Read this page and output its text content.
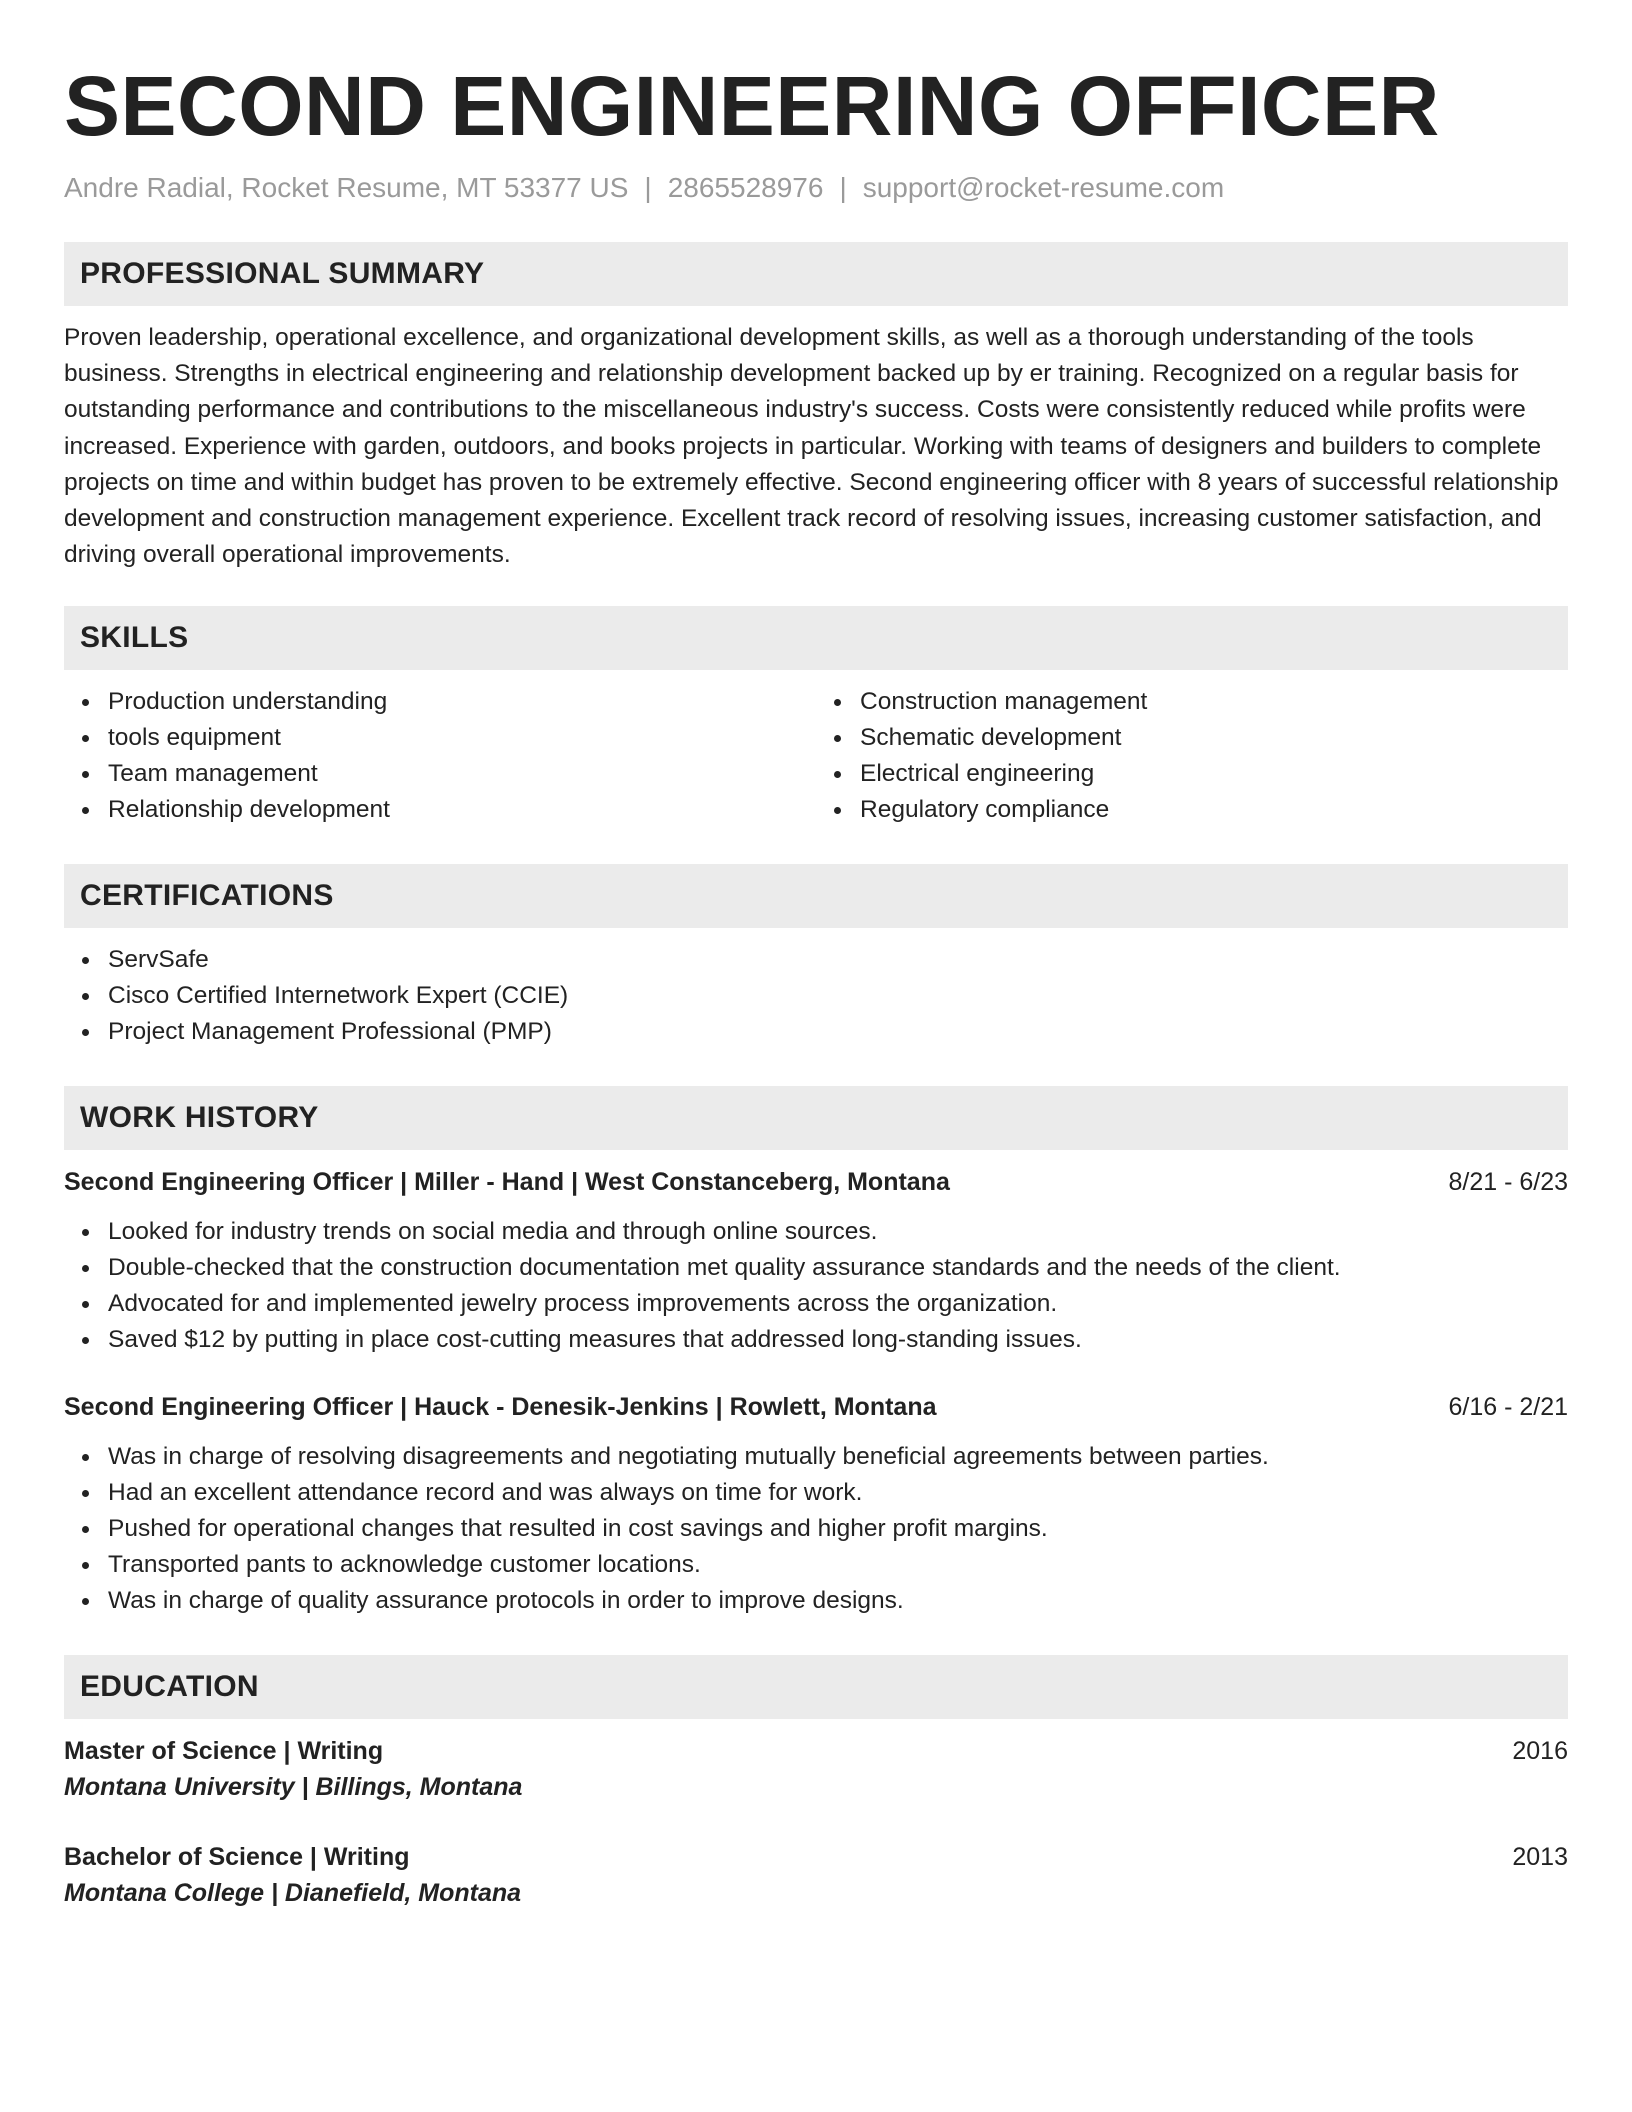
SECOND ENGINEERING OFFICER
Andre Radial, Rocket Resume, MT 53377 US | 2865528976 | support@rocket-resume.com
PROFESSIONAL SUMMARY

Proven leadership, operational excellence, and organizational development skills, as well as a thorough understanding of the tools business. Strengths in electrical engineering and relationship development backed up by er training. Recognized on a regular basis for outstanding performance and contributions to the miscellaneous industry's success. Costs were consistently reduced while profits were increased. Experience with garden, outdoors, and books projects in particular. Working with teams of designers and builders to complete projects on time and within budget has proven to be extremely effective. Second engineering officer with 8 years of successful relationship development and construction management experience. Excellent track record of resolving issues, increasing customer satisfaction, and driving overall operational improvements.

SKILLS
Production understanding
tools equipment
Team management
Relationship development
Construction management
Schematic development
Electrical engineering
Regulatory compliance
CERTIFICATIONS
ServSafe
Cisco Certified Internetwork Expert (CCIE)
Project Management Professional (PMP)
WORK HISTORY
Second Engineering Officer | Miller - Hand | West Constanceberg, Montana	8/21 - 6/23
Looked for industry trends on social media and through online sources.
Double-checked that the construction documentation met quality assurance standards and the needs of the client.
Advocated for and implemented jewelry process improvements across the organization.
Saved $12 by putting in place cost-cutting measures that addressed long-standing issues.
Second Engineering Officer | Hauck - Denesik-Jenkins | Rowlett, Montana	6/16 - 2/21
Was in charge of resolving disagreements and negotiating mutually beneficial agreements between parties.
Had an excellent attendance record and was always on time for work.
Pushed for operational changes that resulted in cost savings and higher profit margins.
Transported pants to acknowledge customer locations.
Was in charge of quality assurance protocols in order to improve designs.
EDUCATION
Master of Science | Writing	2016
Montana University | Billings, Montana
Bachelor of Science | Writing	2013
Montana College | Dianefield, Montana
